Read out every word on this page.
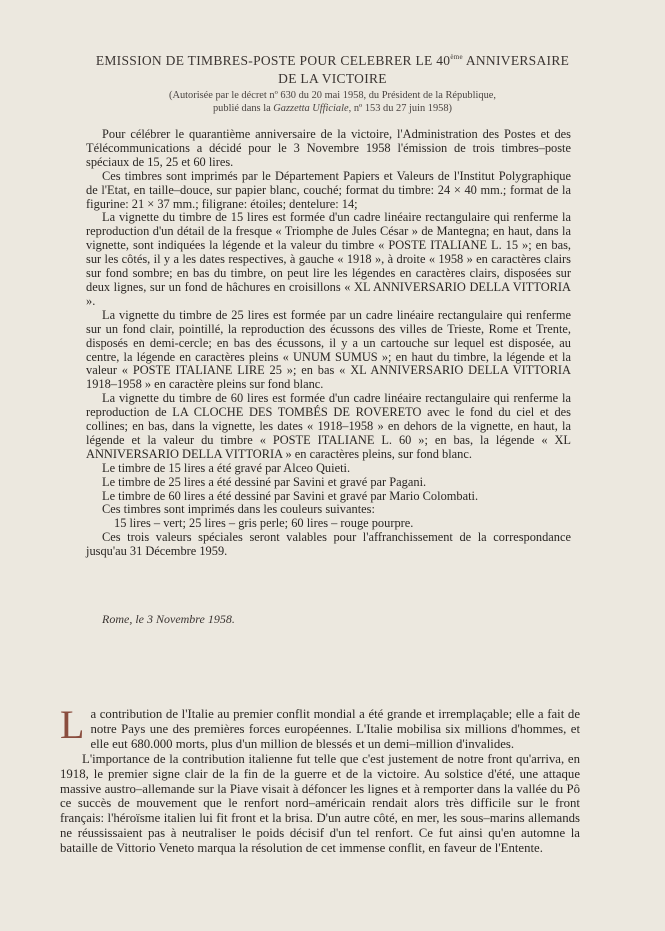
EMISSION DE TIMBRES-POSTE POUR CELEBRER LE 40ème ANNIVERSAIRE
DE LA VICTOIRE
(Autorisée par le décret nº 630 du 20 mai 1958, du Président de la République,
publié dans la Gazzetta Ufficiale, nº 153 du 27 juin 1958)

Pour célébrer le quarantième anniversaire de la victoire, l'Administration des Postes et des Télécommunications a décidé pour le 3 Novembre 1958 l'émission de trois timbres–poste spéciaux de 15, 25 et 60 lires.

Ces timbres sont imprimés par le Département Papiers et Valeurs de l'Institut Polygraphique de l'Etat, en taille–douce, sur papier blanc, couché; format du timbre: 24 × 40 mm.; format de la figurine: 21 × 37 mm.; filigrane: étoiles; dentelure: 14;

La vignette du timbre de 15 lires est formée d'un cadre linéaire rectangulaire qui renferme la reproduction d'un détail de la fresque « Triomphe de Jules César » de Mantegna; en haut, dans la vignette, sont indiquées la légende et la valeur du timbre « POSTE ITALIANE L. 15 »; en bas, sur les côtés, il y a les dates respectives, à gauche « 1918 », à droite « 1958 » en caractères clairs sur fond sombre; en bas du timbre, on peut lire les légendes en caractères clairs, disposées sur deux lignes, sur un fond de hâchures en croisillons « XL ANNIVERSARIO DELLA VITTORIA ».

La vignette du timbre de 25 lires est formée par un cadre linéaire rectangulaire qui renferme sur un fond clair, pointillé, la reproduction des écussons des villes de Trieste, Rome et Trente, disposés en demi-cercle; en bas des écussons, il y a un cartouche sur lequel est disposée, au centre, la légende en caractères pleins « UNUM SUMUS »; en haut du timbre, la légende et la valeur « POSTE ITALIANE LIRE 25 »; en bas « XL ANNIVERSARIO DELLA VITTORIA 1918–1958 » en caractère pleins sur fond blanc.

La vignette du timbre de 60 lires est formée d'un cadre linéaire rectangulaire qui renferme la reproduction de LA CLOCHE DES TOMBÉS DE ROVERETO avec le fond du ciel et des collines; en bas, dans la vignette, les dates « 1918–1958 » en dehors de la vignette, en haut, la légende et la valeur du timbre « POSTE ITALIANE L. 60 »; en bas, la légende « XL ANNIVERSARIO DELLA VITTORIA » en caractères pleins, sur fond blanc.

Le timbre de 15 lires a été gravé par Alceo Quieti.

Le timbre de 25 lires a été dessiné par Savini et gravé par Pagani.

Le timbre de 60 lires a été dessiné par Savini et gravé par Mario Colombati.

Ces timbres sont imprimés dans les couleurs suivantes:

15 lires – vert; 25 lires – gris perle; 60 lires – rouge pourpre.

Ces trois valeurs spéciales seront valables pour l'affranchissement de la correspondance jusqu'au 31 Décembre 1959.

Rome, le 3 Novembre 1958.

La contribution de l'Italie au premier conflit mondial a été grande et irremplaçable; elle a fait de notre Pays une des premières forces européennes. L'Italie mobilisa six millions d'hommes, et elle eut 680.000 morts, plus d'un million de blessés et un demi–million d'invalides.

L'importance de la contribution italienne fut telle que c'est justement de notre front qu'arriva, en 1918, le premier signe clair de la fin de la guerre et de la victoire. Au solstice d'été, une attaque massive austro–allemande sur la Piave visait à défoncer les lignes et à remporter dans la vallée du Pô ce succès de mouvement que le renfort nord–américain rendait alors très difficile sur le front français: l'héroïsme italien lui fit front et la brisa. D'un autre côté, en mer, les sous–marins allemands ne réussissaient pas à neutraliser le poids décisif d'un tel renfort. Ce fut ainsi qu'en automne la bataille de Vittorio Veneto marqua la résolution de cet immense conflit, en faveur de l'Entente.
